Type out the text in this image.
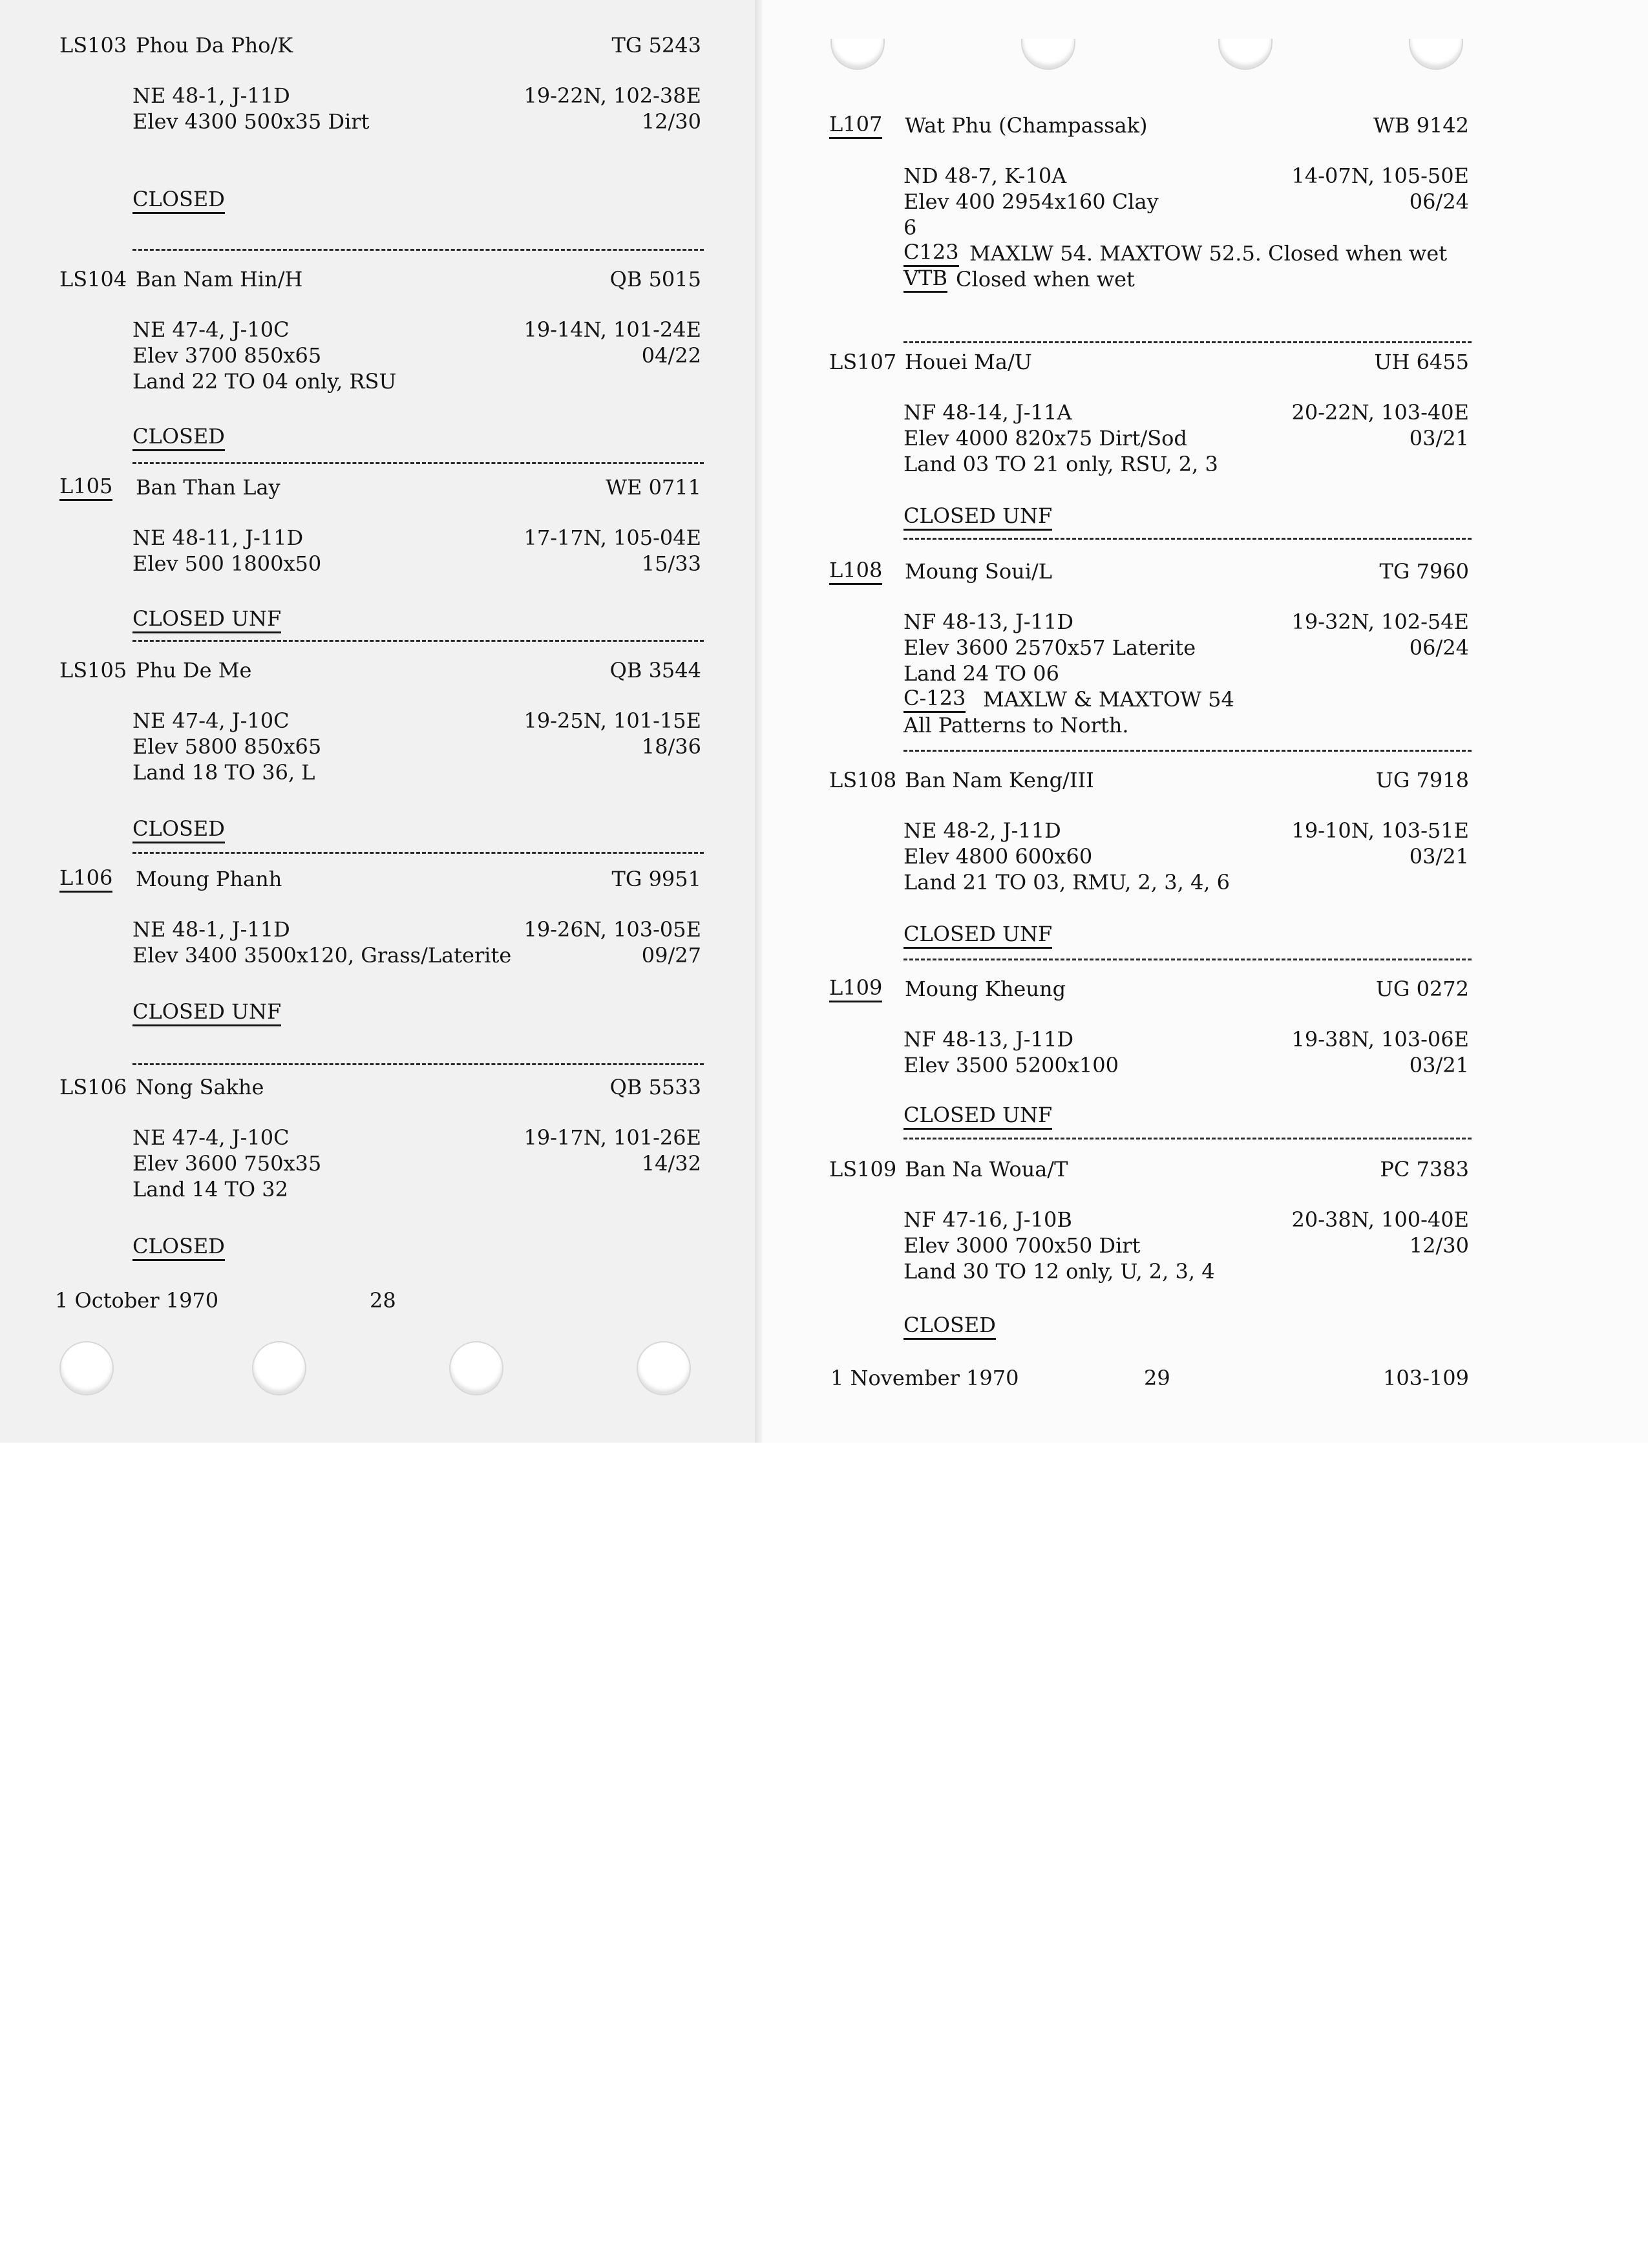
LS103 Phou Da Pho/K	TG 5243
NE 48-1, J-11D	19-22N, 102-38E
Elev 4300 500x35 Dirt	12/30
CLOSED
LS104 Ban Nam Hin/H	QB 5015
NE 47-4, J-10C	19-14N, 101-24E
Elev 3700 850x65	04/22
Land 22 TO 04 only, RSU
CLOSED
L105 Ban Than Lay	WE 0711
NE 48-11, J-11D	17-17N, 105-04E
Elev 500 1800x50	15/33
CLOSED UNF
LS105 Phu De Me	QB 3544
NE 47-4, J-10C	19-25N, 101-15E
Elev 5800 850x65	18/36
Land 18 TO 36, L
CLOSED
L106 Moung Phanh	TG 9951
NE 48-1, J-11D	19-26N, 103-05E
Elev 3400 3500x120, Grass/Laterite	09/27
CLOSED UNF
LS106 Nong Sakhe	QB 5533
NE 47-4, J-10C	19-17N, 101-26E
Elev 3600 750x35	14/32
Land 14 TO 32
CLOSED
1 October 1970	28
L107 Wat Phu (Champassak)	WB 9142
ND 48-7, K-10A	14-07N, 105-50E
Elev 400 2954x160 Clay	06/24
6
C123 MAXLW 54. MAXTOW 52.5. Closed when wet
VTB Closed when wet
LS107 Houei Ma/U	UH 6455
NF 48-14, J-11A	20-22N, 103-40E
Elev 4000 820x75 Dirt/Sod	03/21
Land 03 TO 21 only, RSU, 2, 3
CLOSED UNF
L108 Moung Soui/L	TG 7960
NF 48-13, J-11D	19-32N, 102-54E
Elev 3600 2570x57 Laterite	06/24
Land 24 TO 06
C-123 MAXLW & MAXTOW 54
All Patterns to North.
LS108 Ban Nam Keng/III	UG 7918
NE 48-2, J-11D	19-10N, 103-51E
Elev 4800 600x60	03/21
Land 21 TO 03, RMU, 2, 3, 4, 6
CLOSED UNF
L109 Moung Kheung	UG 0272
NF 48-13, J-11D	19-38N, 103-06E
Elev 3500 5200x100	03/21
CLOSED UNF
LS109 Ban Na Woua/T	PC 7383
NF 47-16, J-10B	20-38N, 100-40E
Elev 3000 700x50 Dirt	12/30
Land 30 TO 12 only, U, 2, 3, 4
CLOSED
1 November 1970	29	103-109
